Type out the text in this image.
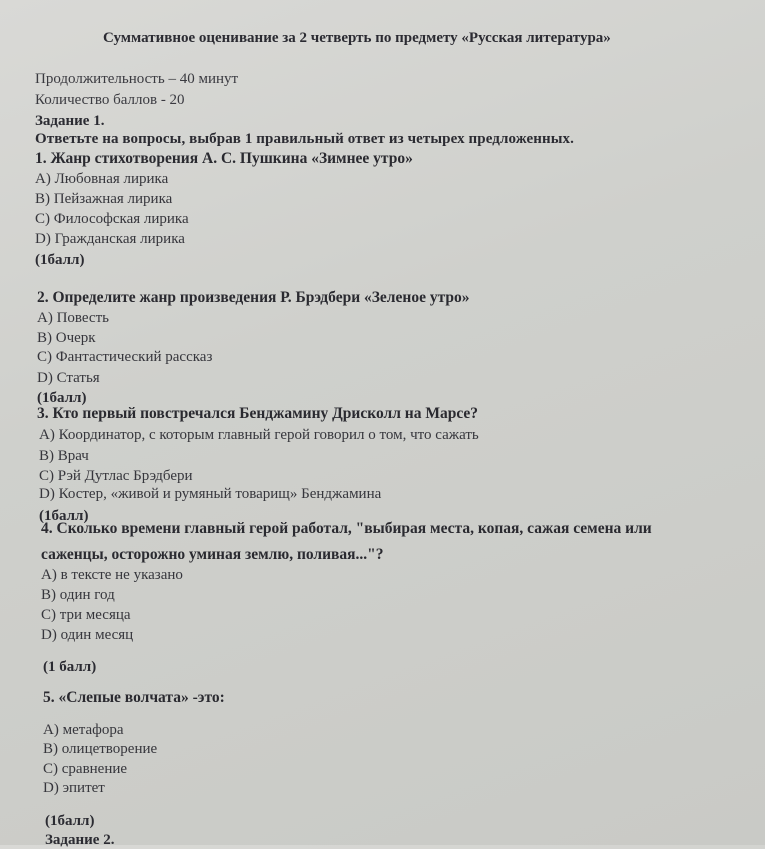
Суммативное оценивание за 2 четверть по предмету «Русская литература»
Продолжительность – 40 минут
Количество баллов - 20
Задание 1.
Ответьте на вопросы, выбрав 1 правильный ответ из четырех предложенных.
1. Жанр стихотворения А. С. Пушкина «Зимнее утро»
А) Любовная лирика
В) Пейзажная лирика
С) Философская лирика
D) Гражданская лирика
(1балл)
2. Определите жанр произведения Р. Брэдбери «Зеленое утро»
А) Повесть
В) Очерк
С) Фантастический рассказ
D) Статья
(1балл)
3. Кто первый повстречался Бенджамину Дрисколл на Марсе?
А) Координатор, с которым главный герой говорил о том, что сажать
В) Врач
С) Рэй Дутлас Брэдбери
D) Костер, «живой и румяный товарищ» Бенджамина
(1балл)
4. Сколько времени главный герой работал, "выбирая места, копая, сажая семена или
саженцы, осторожно уминая землю, поливая..."?
А) в тексте не указано
В) один год
С) три месяца
D) один месяц
(1 балл)
5. «Слепые волчата» -это:
А) метафора
В) олицетворение
С) сравнение
D) эпитет
(1балл)
Задание 2.
